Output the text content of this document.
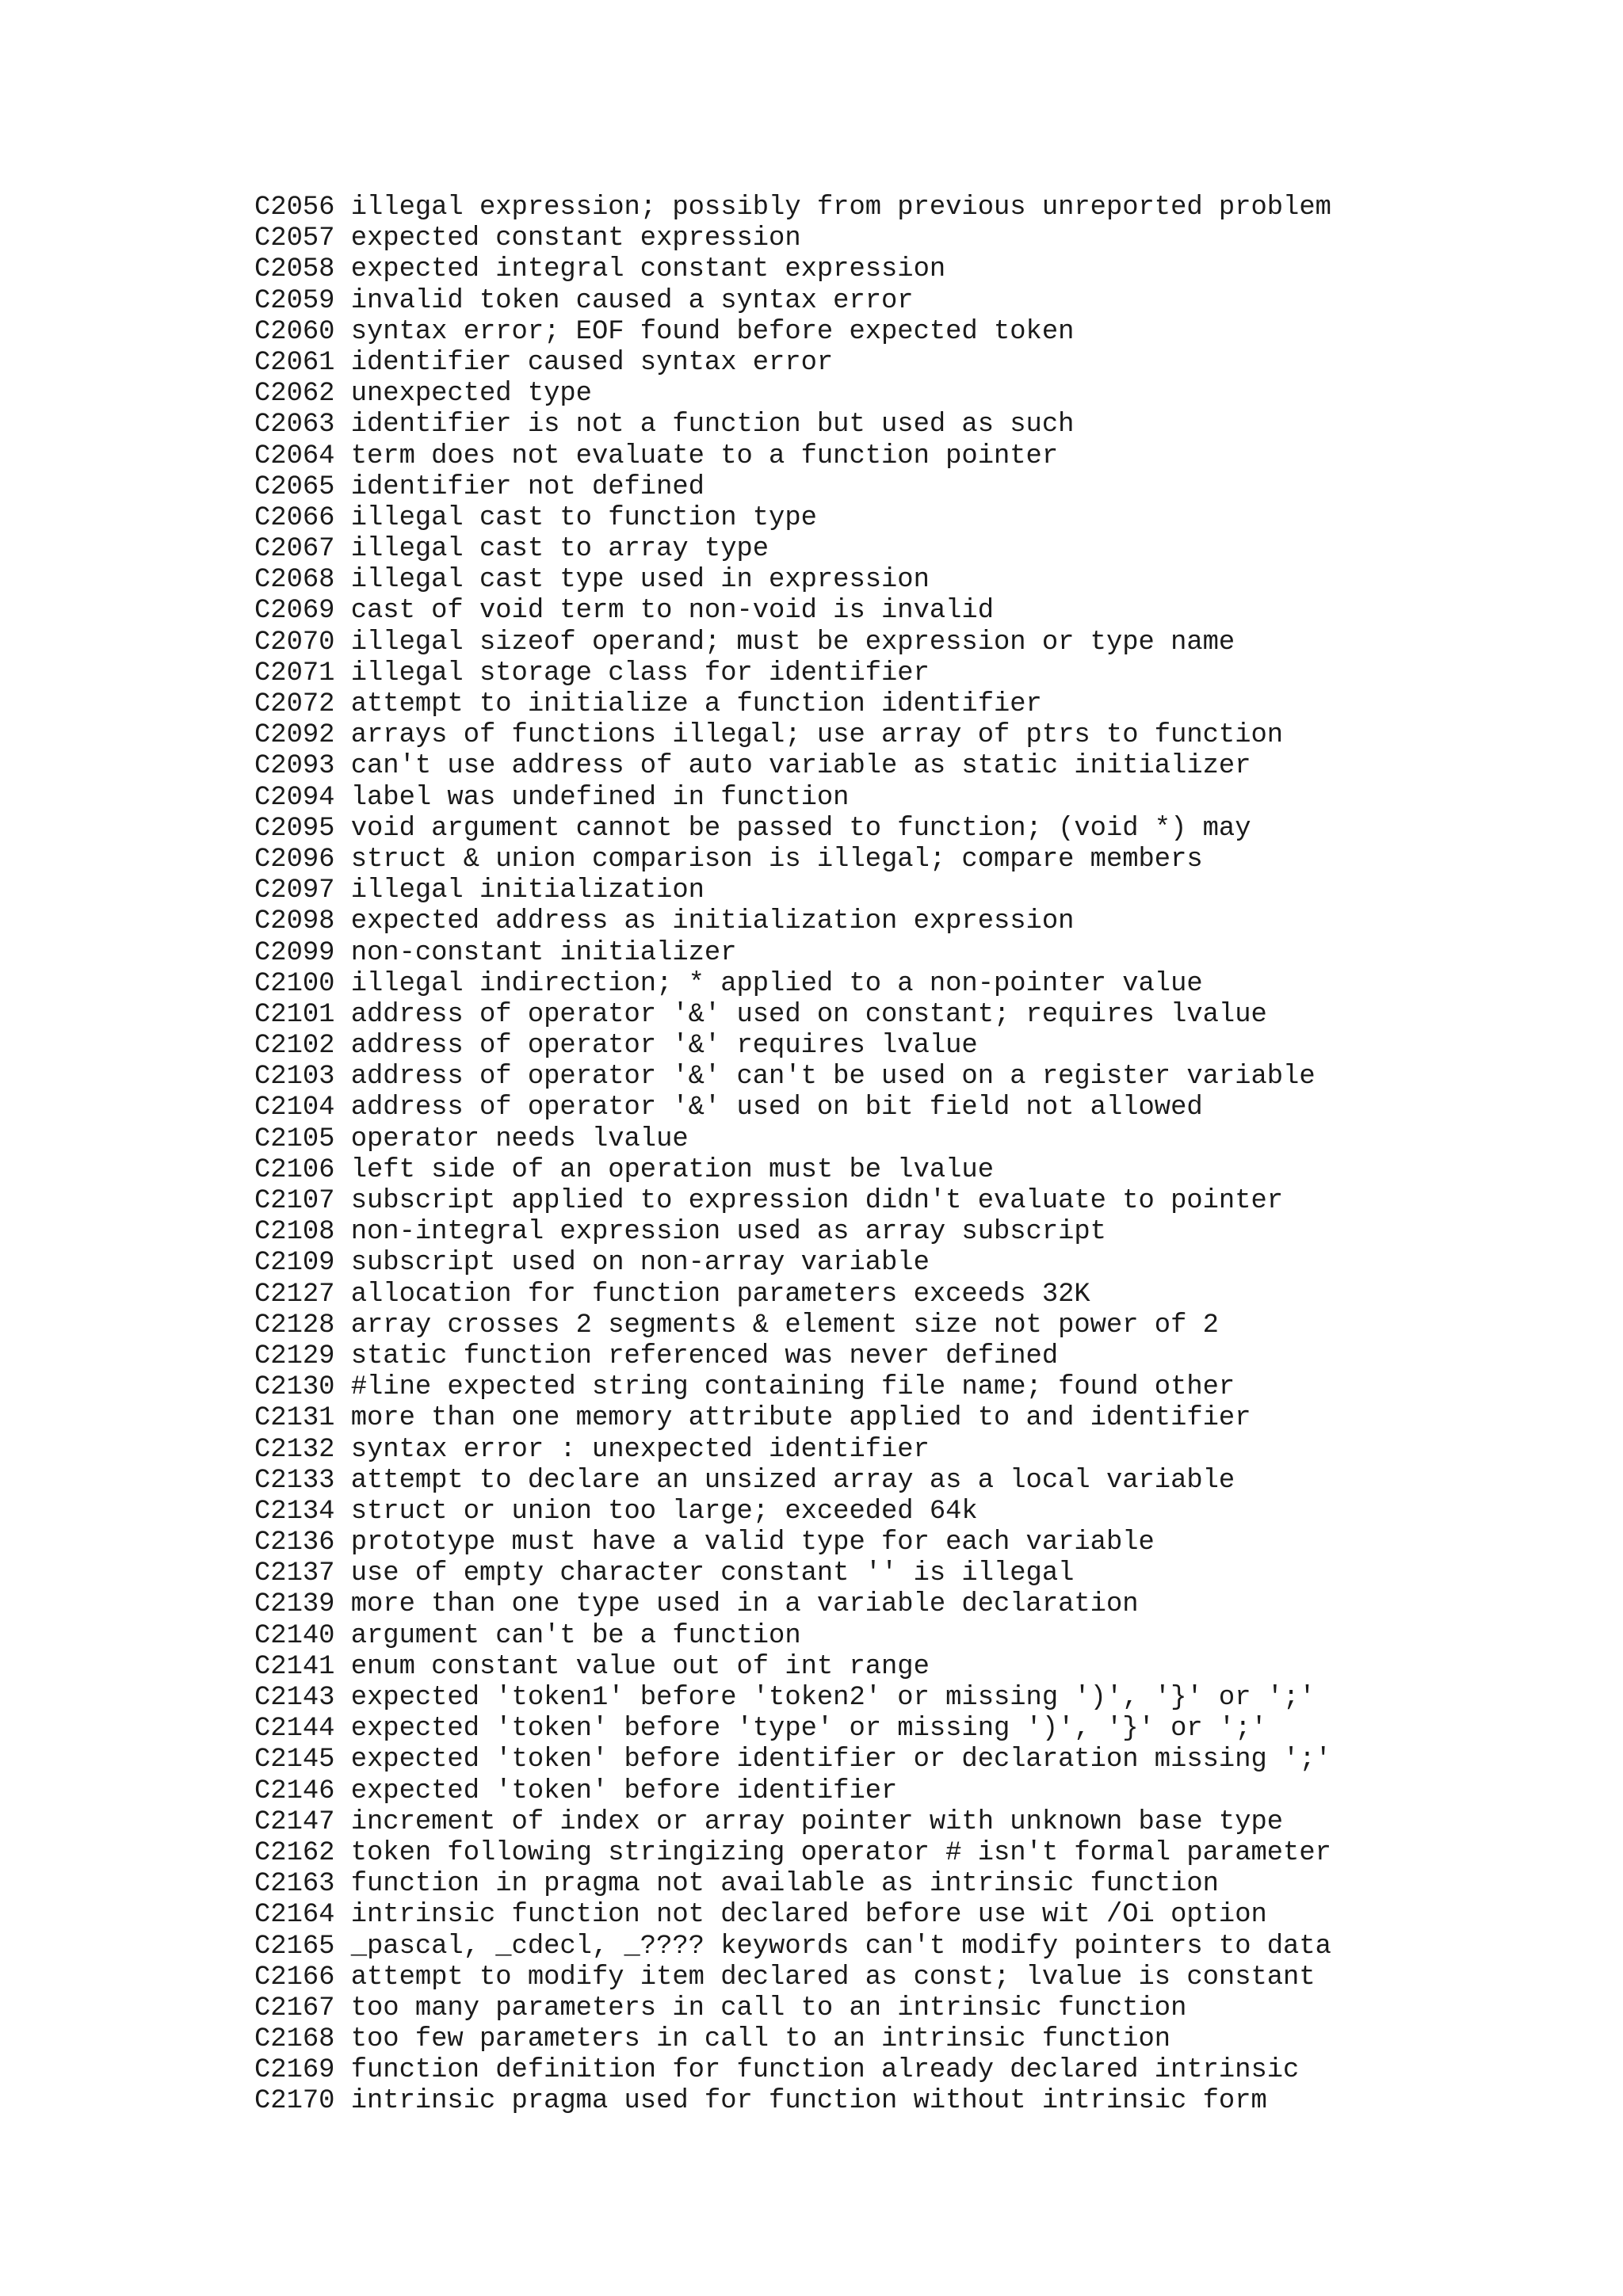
C2056 illegal expression; possibly from previous unreported problem
C2057 expected constant expression
C2058 expected integral constant expression
C2059 invalid token caused a syntax error
C2060 syntax error; EOF found before expected token
C2061 identifier caused syntax error
C2062 unexpected type
C2063 identifier is not a function but used as such
C2064 term does not evaluate to a function pointer
C2065 identifier not defined
C2066 illegal cast to function type
C2067 illegal cast to array type
C2068 illegal cast type used in expression
C2069 cast of void term to non-void is invalid
C2070 illegal sizeof operand; must be expression or type name
C2071 illegal storage class for identifier
C2072 attempt to initialize a function identifier
C2092 arrays of functions illegal; use array of ptrs to function
C2093 can't use address of auto variable as static initializer
C2094 label was undefined in function
C2095 void argument cannot be passed to function; (void *) may
C2096 struct & union comparison is illegal; compare members
C2097 illegal initialization
C2098 expected address as initialization expression
C2099 non-constant initializer
C2100 illegal indirection; * applied to a non-pointer value
C2101 address of operator '&' used on constant; requires lvalue
C2102 address of operator '&' requires lvalue
C2103 address of operator '&' can't be used on a register variable
C2104 address of operator '&' used on bit field not allowed
C2105 operator needs lvalue
C2106 left side of an operation must be lvalue
C2107 subscript applied to expression didn't evaluate to pointer
C2108 non-integral expression used as array subscript
C2109 subscript used on non-array variable
C2127 allocation for function parameters exceeds 32K
C2128 array crosses 2 segments & element size not power of 2
C2129 static function referenced was never defined
C2130 #line expected string containing file name; found other
C2131 more than one memory attribute applied to and identifier
C2132 syntax error : unexpected identifier
C2133 attempt to declare an unsized array as a local variable
C2134 struct or union too large; exceeded 64k
C2136 prototype must have a valid type for each variable
C2137 use of empty character constant '' is illegal
C2139 more than one type used in a variable declaration
C2140 argument can't be a function
C2141 enum constant value out of int range
C2143 expected 'token1' before 'token2' or missing ')', '}' or ';'
C2144 expected 'token' before 'type' or missing ')', '}' or ';'
C2145 expected 'token' before identifier or declaration missing ';'
C2146 expected 'token' before identifier
C2147 increment of index or array pointer with unknown base type
C2162 token following stringizing operator # isn't formal parameter
C2163 function in pragma not available as intrinsic function
C2164 intrinsic function not declared before use wit /Oi option
C2165 _pascal, _cdecl, _???? keywords can't modify pointers to data
C2166 attempt to modify item declared as const; lvalue is constant
C2167 too many parameters in call to an intrinsic function
C2168 too few parameters in call to an intrinsic function
C2169 function definition for function already declared intrinsic
C2170 intrinsic pragma used for function without intrinsic form
